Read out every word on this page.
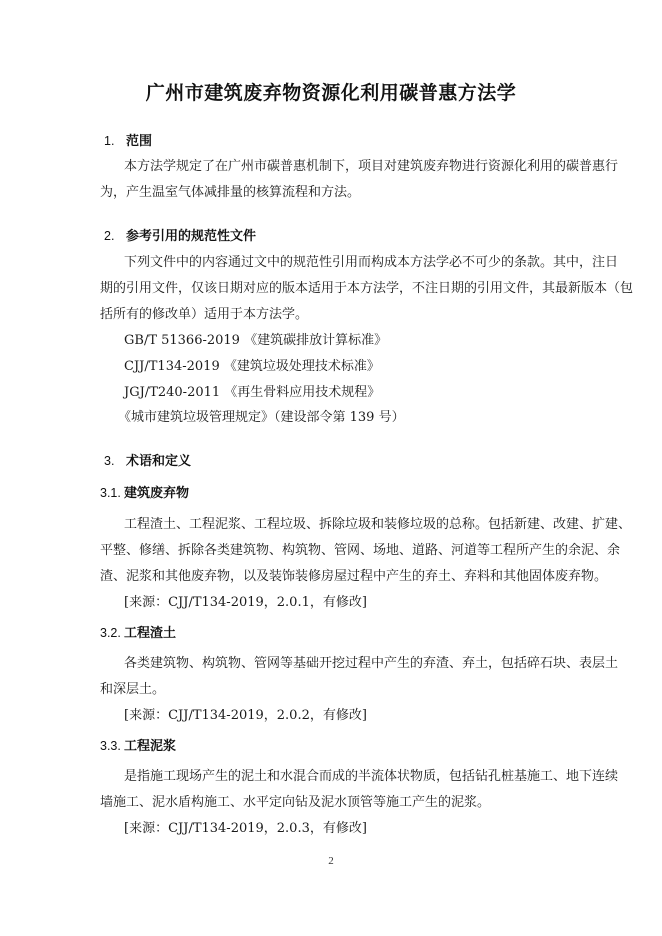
广州市建筑废弃物资源化利用碳普惠方法学
1. 范围
本方法学规定了在广州市碳普惠机制下，项目对建筑废弃物进行资源化利用的碳普惠行
为，产生温室气体减排量的核算流程和方法。
2. 参考引用的规范性文件
下列文件中的内容通过文中的规范性引用而构成本方法学必不可少的条款。其中，注日
期的引用文件，仅该日期对应的版本适用于本方法学，不注日期的引用文件，其最新版本（包
括所有的修改单）适用于本方法学。
GB/T 51366-2019 《建筑碳排放计算标准》
CJJ/T134-2019 《建筑垃圾处理技术标准》
JGJ/T240-2011 《再生骨料应用技术规程》
《城市建筑垃圾管理规定》（建设部令第 139 号）
3. 术语和定义
3.1. 建筑废弃物
工程渣土、工程泥浆、工程垃圾、拆除垃圾和装修垃圾的总称。包括新建、改建、扩建、
平整、修缮、拆除各类建筑物、构筑物、管网、场地、道路、河道等工程所产生的余泥、余
渣、泥浆和其他废弃物，以及装饰装修房屋过程中产生的弃土、弃料和其他固体废弃物。
[来源：CJJ/T134-2019，2.0.1，有修改]
3.2. 工程渣土
各类建筑物、构筑物、管网等基础开挖过程中产生的弃渣、弃土，包括碎石块、表层土
和深层土。
[来源：CJJ/T134-2019，2.0.2，有修改]
3.3. 工程泥浆
是指施工现场产生的泥土和水混合而成的半流体状物质，包括钻孔桩基施工、地下连续
墙施工、泥水盾构施工、水平定向钻及泥水顶管等施工产生的泥浆。
[来源：CJJ/T134-2019，2.0.3，有修改]
2
